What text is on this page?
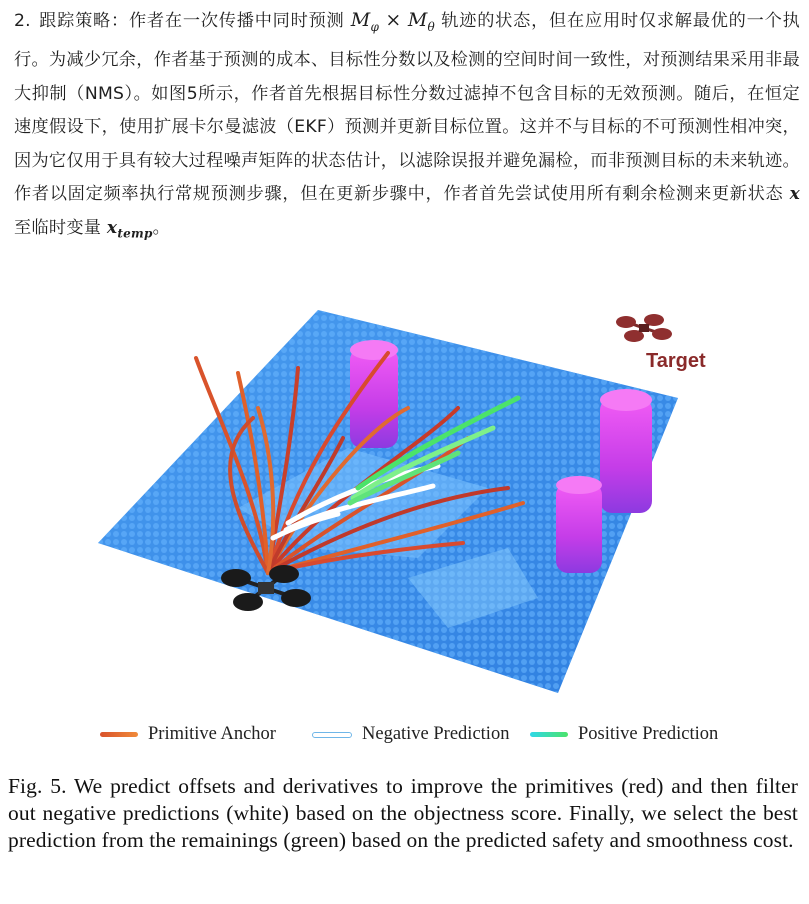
2. 跟踪策略：作者在一次传播中同时预测 $M_\varphi \times M_\theta$ 轨迹的状态，但在应用时仅求解最优的一个执行。为减少冗余，作者基于预测的成本、目标性分数以及检测的空间时间一致性，对预测结果采用非最大抑制（NMS）。如图5所示，作者首先根据目标性分数过滤掉不包含目标的无效预测。随后，在恒定速度假设下，使用扩展卡尔曼滤波（EKF）预测并更新目标位置。这并不与目标的不可预测性相冲突，因为它仅用于具有较大过程噪声矩阵的状态估计，以滤除误报并避免漏检，而非预测目标的未来轨迹。作者以固定频率执行常规预测步骤，但在更新步骤中，作者首先尝试使用所有剩余检测来更新状态 x 至临时变量 $x_{temp}$。
Target
Primitive Anchor	Negative Prediction	Positive Prediction
Fig. 5. We predict offsets and derivatives to improve the primitives (red) and then filter out negative predictions (white) based on the objectness score. Finally, we select the best prediction from the remainings (green) based on the predicted safety and smoothness cost.
